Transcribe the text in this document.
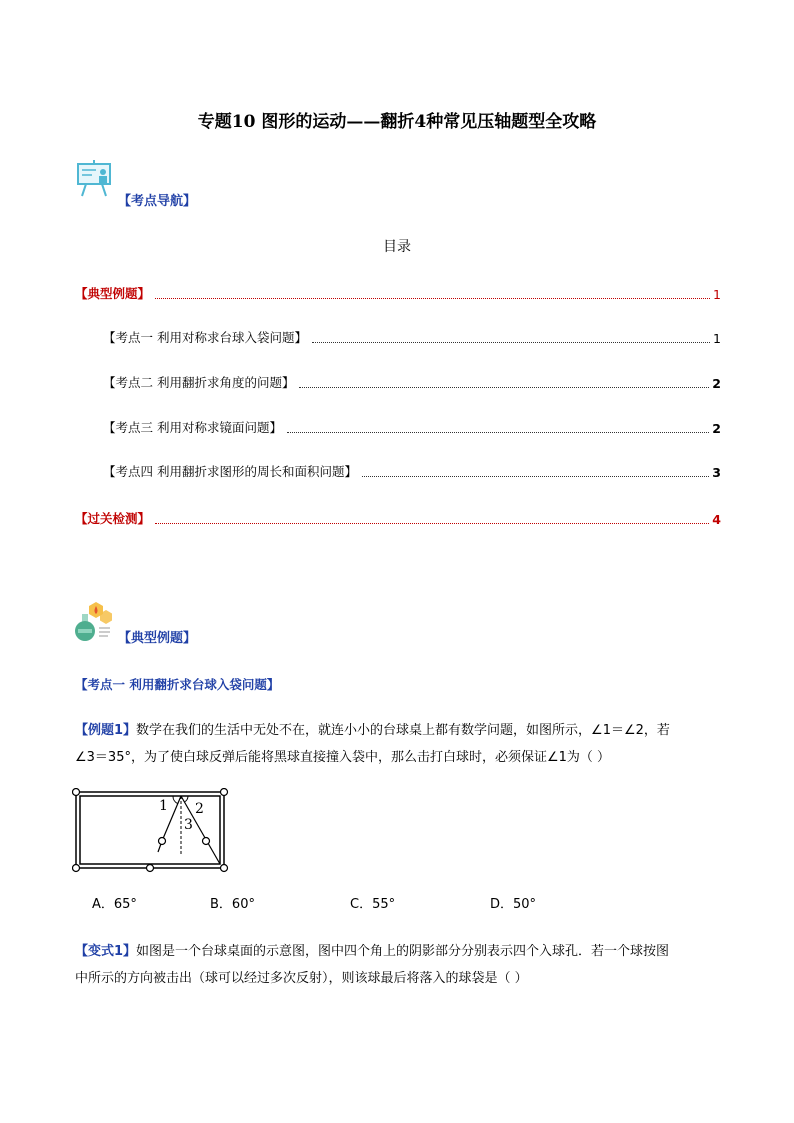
专题10 图形的运动——翻折4种常见压轴题型全攻略
【考点导航】
目录
【典型例题】	1
【考点一 利用对称求台球入袋问题】	1
【考点二 利用翻折求角度的问题】	2
【考点三 利用对称求镜面问题】	2
【考点四 利用翻折求图形的周长和面积问题】	3
【过关检测】	4
【典型例题】
【考点一 利用翻折求台球入袋问题】
【例题1】数学在我们的生活中无处不在，就连小小的台球桌上都有数学问题，如图所示，∠1＝∠2，若
∠3＝35°，为了使白球反弹后能将黑球直接撞入袋中，那么击打白球时，必须保证∠1为（ ）
1 2
3
A．65°	B．60°	C．55°	D．50°
【变式1】如图是一个台球桌面的示意图，图中四个角上的阴影部分分别表示四个入球孔．若一个球按图
中所示的方向被击出（球可以经过多次反射），则该球最后将落入的球袋是（ ）
